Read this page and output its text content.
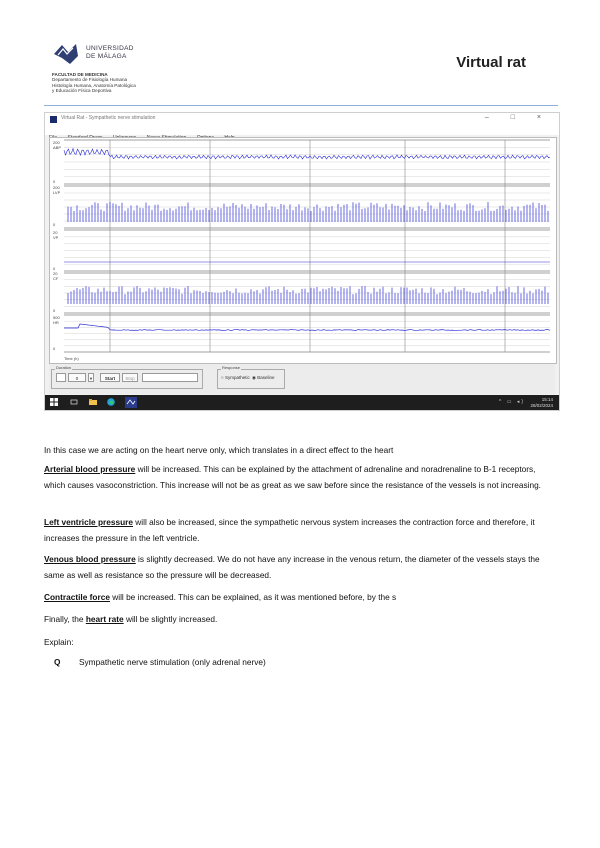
UNIVERSIDAD
DE MÁLAGA
FACULTAD DE MEDICINA
Departamento de Fisiología Humana
Histología Humana, Anatomía Patológica
y Educación Física Deportiva
Virtual rat
Virtual Rat - Sympathetic nerve stimulation	‒ □ ×
200
ABP
0
200
LVP
0
20
VP
0
20
CF
0
500
HR
0
Time (h)
Duration
0	▾	Start	Stop
Response
○ Sympathetic ◉ Baseline
^ ▭ ◂)	15:14
28/02/2024
In this case we are acting on the heart nerve only, which translates in a direct effect to the heart
Arterial blood pressure will be increased. This can be explained by the attachment of adrenaline and noradrenaline to B-1 receptors, which causes vasoconstriction. This increase will not be as great as we saw before since the resistance of the vessels is not increasing.
Left ventricle pressure will also be increased, since the sympathetic nervous system increases the contraction force and therefore, it increases the pressure in the left ventricle.
Venous blood pressure is slightly decreased. We do not have any increase in the venous return, the diameter of the vessels stays the same as well as resistance so the pressure will be decreased.
Contractile force will be increased. This can be explained, as it was mentioned before, by the s
Finally, the heart rate will be slightly increased.
Explain:
Q Sympathetic nerve stimulation (only adrenal nerve)
